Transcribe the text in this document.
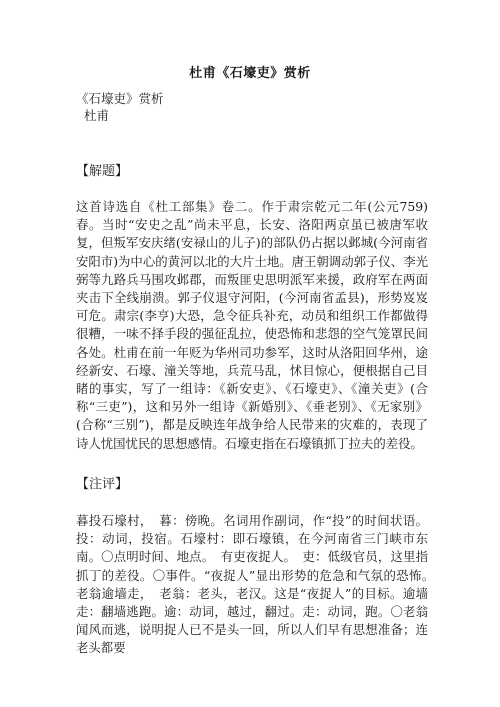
杜甫《石壕吏》赏析
《石壕吏》赏析
杜甫
【解题】

这首诗选自《杜工部集》卷二。作于肃宗乾元二年(公元759)春。当时“安史之乱”尚未平息，长安、洛阳两京虽已被唐军收复，但叛军安庆绪(安禄山的儿子)的部队仍占据以邺城(今河南省安阳市)为中心的黄河以北的大片土地。唐王朝调动郭子仪、李光弼等九路兵马围攻邺郡，而叛匪史思明派军来援，政府军在两面夹击下全线崩溃。郭子仪退守河阳，(今河南省孟县)，形势岌岌可危。肃宗(李亨)大恐，急令征兵补充，动员和组织工作都做得很糟，一味不择手段的强征乱拉，使恐怖和悲怨的空气笼罩民间各处。杜甫在前一年贬为华州司功参军，这时从洛阳回华州，途经新安、石壕、潼关等地，兵荒马乱，怵目惊心，便根据自己目睹的事实，写了一组诗：《新安吏》、《石壕吏》、《潼关吏》(合称“三吏”)，这和另外一组诗《新婚别》、《垂老别》、《无家别》(合称“三别”)，都是反映连年战争给人民带来的灾难的，表现了诗人忧国忧民的思想感情。石壕吏指在石壕镇抓丁拉夫的差役。

【注评】

暮投石壕村，　暮：傍晚。名词用作副词，作“投”的时间状语。投：动词，投宿。石壕村：即石壕镇，在今河南省三门峡市东南。〇点明时间、地点。　有吏夜捉人。　吏：低级官员，这里指抓丁的差役。〇事件。“夜捉人”显出形势的危急和气氛的恐怖。　老翁逾墙走，　老翁：老头，老汉。这是“夜捉人”的目标。逾墙走：翻墙逃跑。逾：动词，越过，翻过。走：动词，跑。〇老翁闻风而逃，说明捉人已不是头一回，所以人们早有思想准备；连老头都要
